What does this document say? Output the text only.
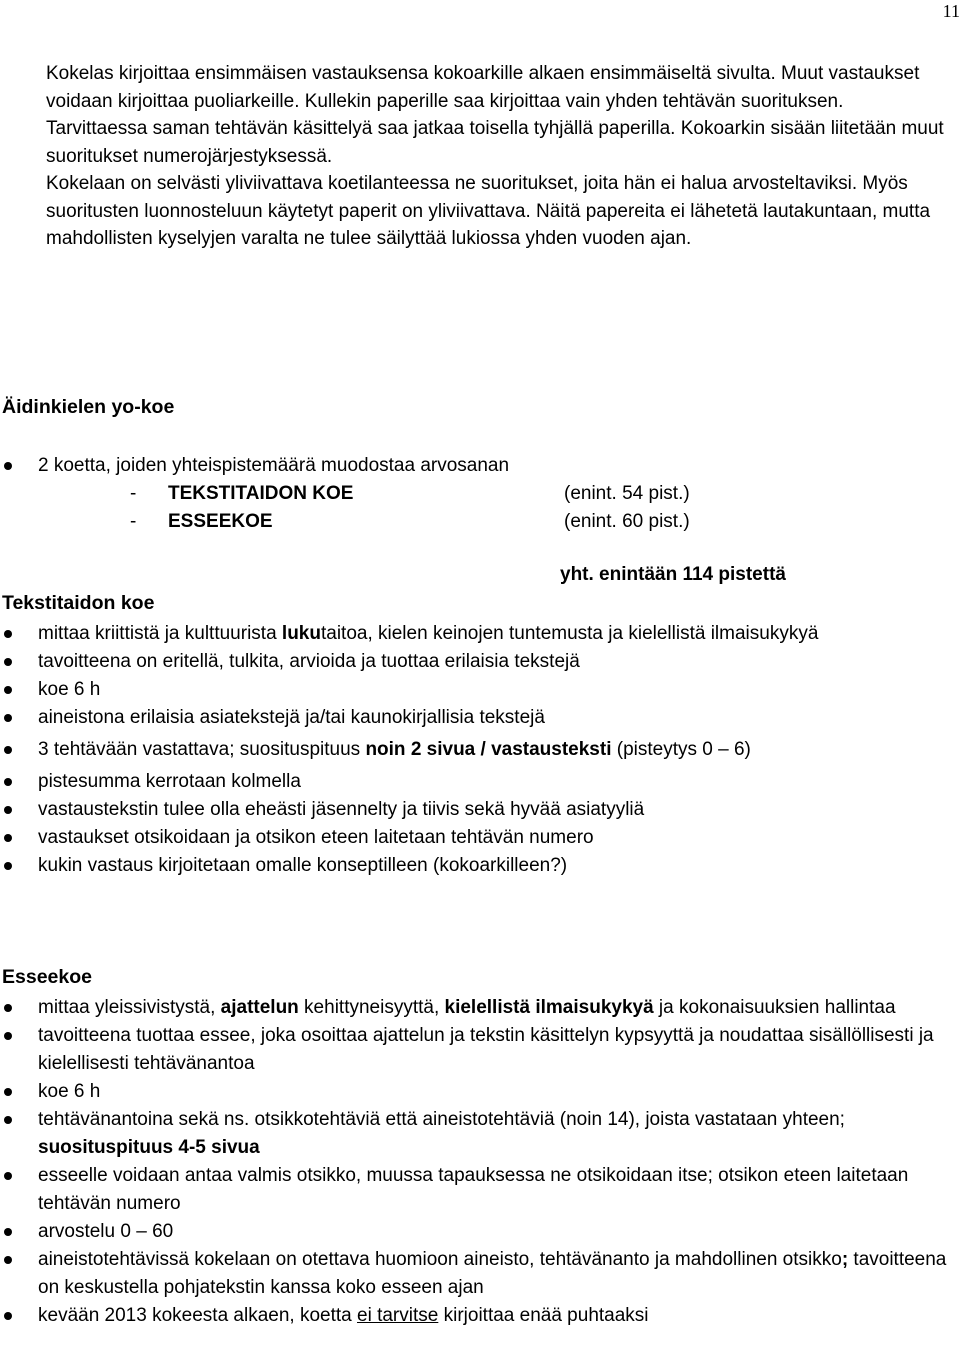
11

Kokelas kirjoittaa ensimmäisen vastauksensa kokoarkille alkaen ensimmäiseltä sivulta. Muut vastaukset voidaan kirjoittaa puoliarkeille. Kullekin paperille saa kirjoittaa vain yhden tehtävän suorituksen. Tarvittaessa saman tehtävän käsittelyä saa jatkaa toisella tyhjällä paperilla. Kokoarkin sisään liitetään muut suoritukset numerojärjestyksessä.

Kokelaan on selvästi yliviivattava koetilanteessa ne suoritukset, joita hän ei halua arvosteltaviksi. Myös suoritusten luonnosteluun käytetyt paperit on yliviivattava. Näitä papereita ei lähetetä lautakuntaan, mutta mahdollisten kyselyjen varalta ne tulee säilyttää lukiossa yhden vuoden ajan.

Äidinkielen yo-koe
2 koetta, joiden yhteispistemäärä muodostaa arvosanan
- TEKSTITAIDON KOE	(enint. 54 pist.)
- ESSEEKOE	(enint. 60 pist.)
yht. enintään 114 pistettä
Tekstitaidon koe
mittaa kriittistä ja kulttuurista lukutaitoa, kielen keinojen tuntemusta ja kielellistä ilmaisukykyä
tavoitteena on eritellä, tulkita, arvioida ja tuottaa erilaisia tekstejä
koe 6 h
aineistona erilaisia asiatekstejä ja/tai kaunokirjallisia tekstejä
3 tehtävään vastattava; suosituspituus noin 2 sivua / vastausteksti (pisteytys 0 – 6)
pistesumma kerrotaan kolmella
vastaustekstin tulee olla eheästi jäsennelty ja tiivis sekä hyvää asiatyyliä
vastaukset otsikoidaan ja otsikon eteen laitetaan tehtävän numero
kukin vastaus kirjoitetaan omalle konseptilleen (kokoarkilleen?)
Esseekoe
mittaa yleissivistystä, ajattelun kehittyneisyyttä, kielellistä ilmaisukykyä ja kokonaisuuksien hallintaa
tavoitteena tuottaa essee, joka osoittaa ajattelun ja tekstin käsittelyn kypsyyttä ja noudattaa sisällöllisesti ja kielellisesti tehtävänantoa
koe 6 h
tehtävänantoina sekä ns. otsikkotehtäviä että aineistotehtäviä (noin 14), joista vastataan yhteen; suosituspituus 4-5 sivua
esseelle voidaan antaa valmis otsikko, muussa tapauksessa ne otsikoidaan itse; otsikon eteen laitetaan tehtävän numero
arvostelu 0 – 60
aineistotehtävissä kokelaan on otettava huomioon aineisto, tehtävänanto ja mahdollinen otsikko; tavoitteena on keskustella pohjatekstin kanssa koko esseen ajan
kevään 2013 kokeesta alkaen, koetta ei tarvitse kirjoittaa enää puhtaaksi
